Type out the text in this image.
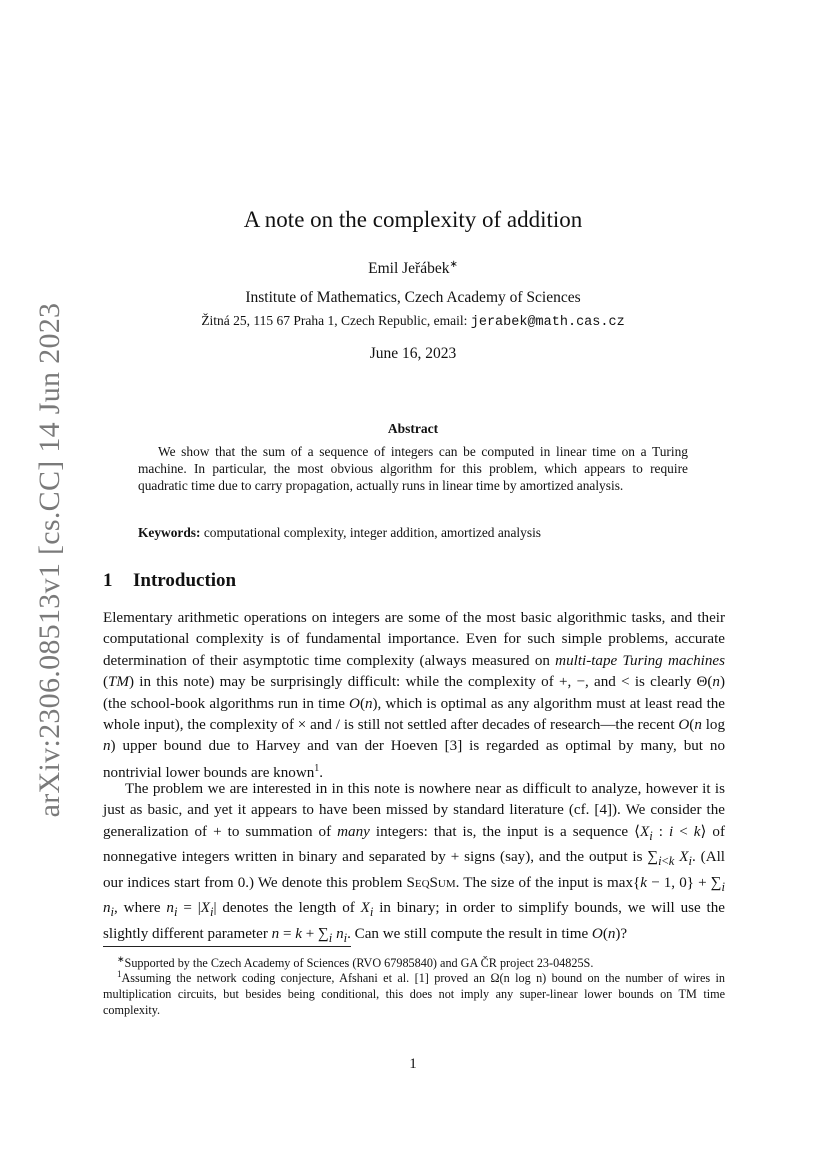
arXiv:2306.08513v1 [cs.CC] 14 Jun 2023
A note on the complexity of addition
Emil Jeřábek∗
Institute of Mathematics, Czech Academy of Sciences
Žitná 25, 115 67 Praha 1, Czech Republic, email: jerabek@math.cas.cz
June 16, 2023
Abstract
We show that the sum of a sequence of integers can be computed in linear time on a Turing machine. In particular, the most obvious algorithm for this problem, which appears to require quadratic time due to carry propagation, actually runs in linear time by amortized analysis.
Keywords: computational complexity, integer addition, amortized analysis
1 Introduction

Elementary arithmetic operations on integers are some of the most basic algorithmic tasks, and their computational complexity is of fundamental importance. Even for such simple problems, accurate determination of their asymptotic time complexity (always measured on multi-tape Turing machines (TM) in this note) may be surprisingly difficult: while the complexity of +, −, and < is clearly Θ(n) (the school-book algorithms run in time O(n), which is optimal as any algorithm must at least read the whole input), the complexity of × and / is still not settled after decades of research—the recent O(n log n) upper bound due to Harvey and van der Hoeven [3] is regarded as optimal by many, but no nontrivial lower bounds are known$^1$.

The problem we are interested in in this note is nowhere near as difficult to analyze, however it is just as basic, and yet it appears to have been missed by standard literature (cf. [4]). We consider the generalization of + to summation of many integers: that is, the input is a sequence $⟨X_i$ : i < k⟩ of nonnegative integers written in binary and separated by + signs (say), and the output is $\sum_{i<k}$ $X_i$. (All our indices start from 0.) We denote this problem SeqSum. The size of the input is max{k − 1, $0\} + \sum_i$ $n_i$, where $n_i = |X_i|$ denotes the length of $X_i$ in binary; in order to simplify bounds, we will use the slightly different parameter $n = k + \sum_i$ $n_i$. Can we still compute the result in time O(n)?

∗Supported by the Czech Academy of Sciences (RVO 67985840) and GA ČR project 23-04825S.
$^1$Assuming the network coding conjecture, Afshani et al. [1] proved an Ω(n log n) bound on the number of wires in multiplication circuits, but besides being conditional, this does not imply any super-linear lower bounds on TM time complexity.
1
